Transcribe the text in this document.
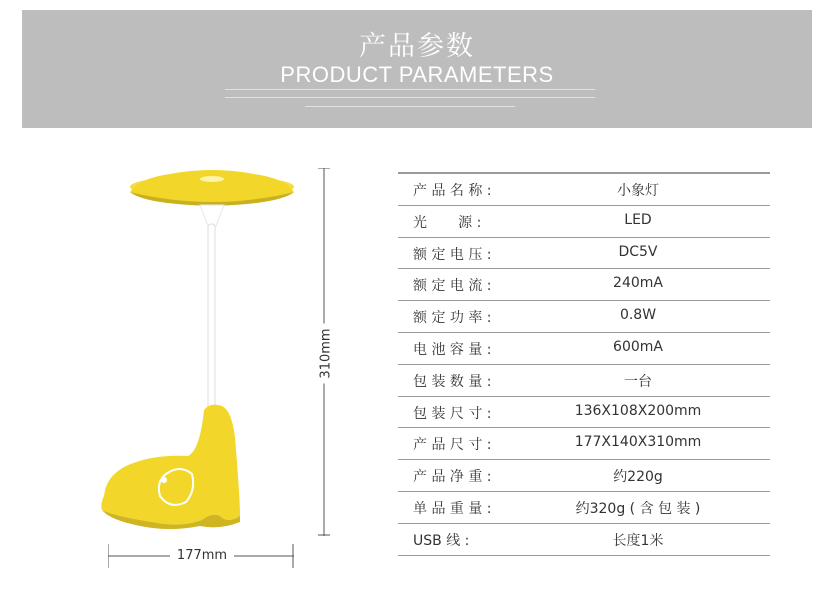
产品参数
PRODUCT PARAMETERS
310mm
177mm
产 品 名 称 :	小象灯
光       源 :	LED
额 定 电 压 :	DC5V
额 定 电 流 :	240mA
额 定 功 率 :	0.8W
电 池 容 量 :	600mA
包 装 数 量 :	一台
包 装 尺 寸 :	136X108X200mm
产 品 尺 寸 :	177X140X310mm
产 品 净 重 :	约220g
单 品 重 量 :	约320g ( 含 包 装 )
USB 线 :	长度1米
